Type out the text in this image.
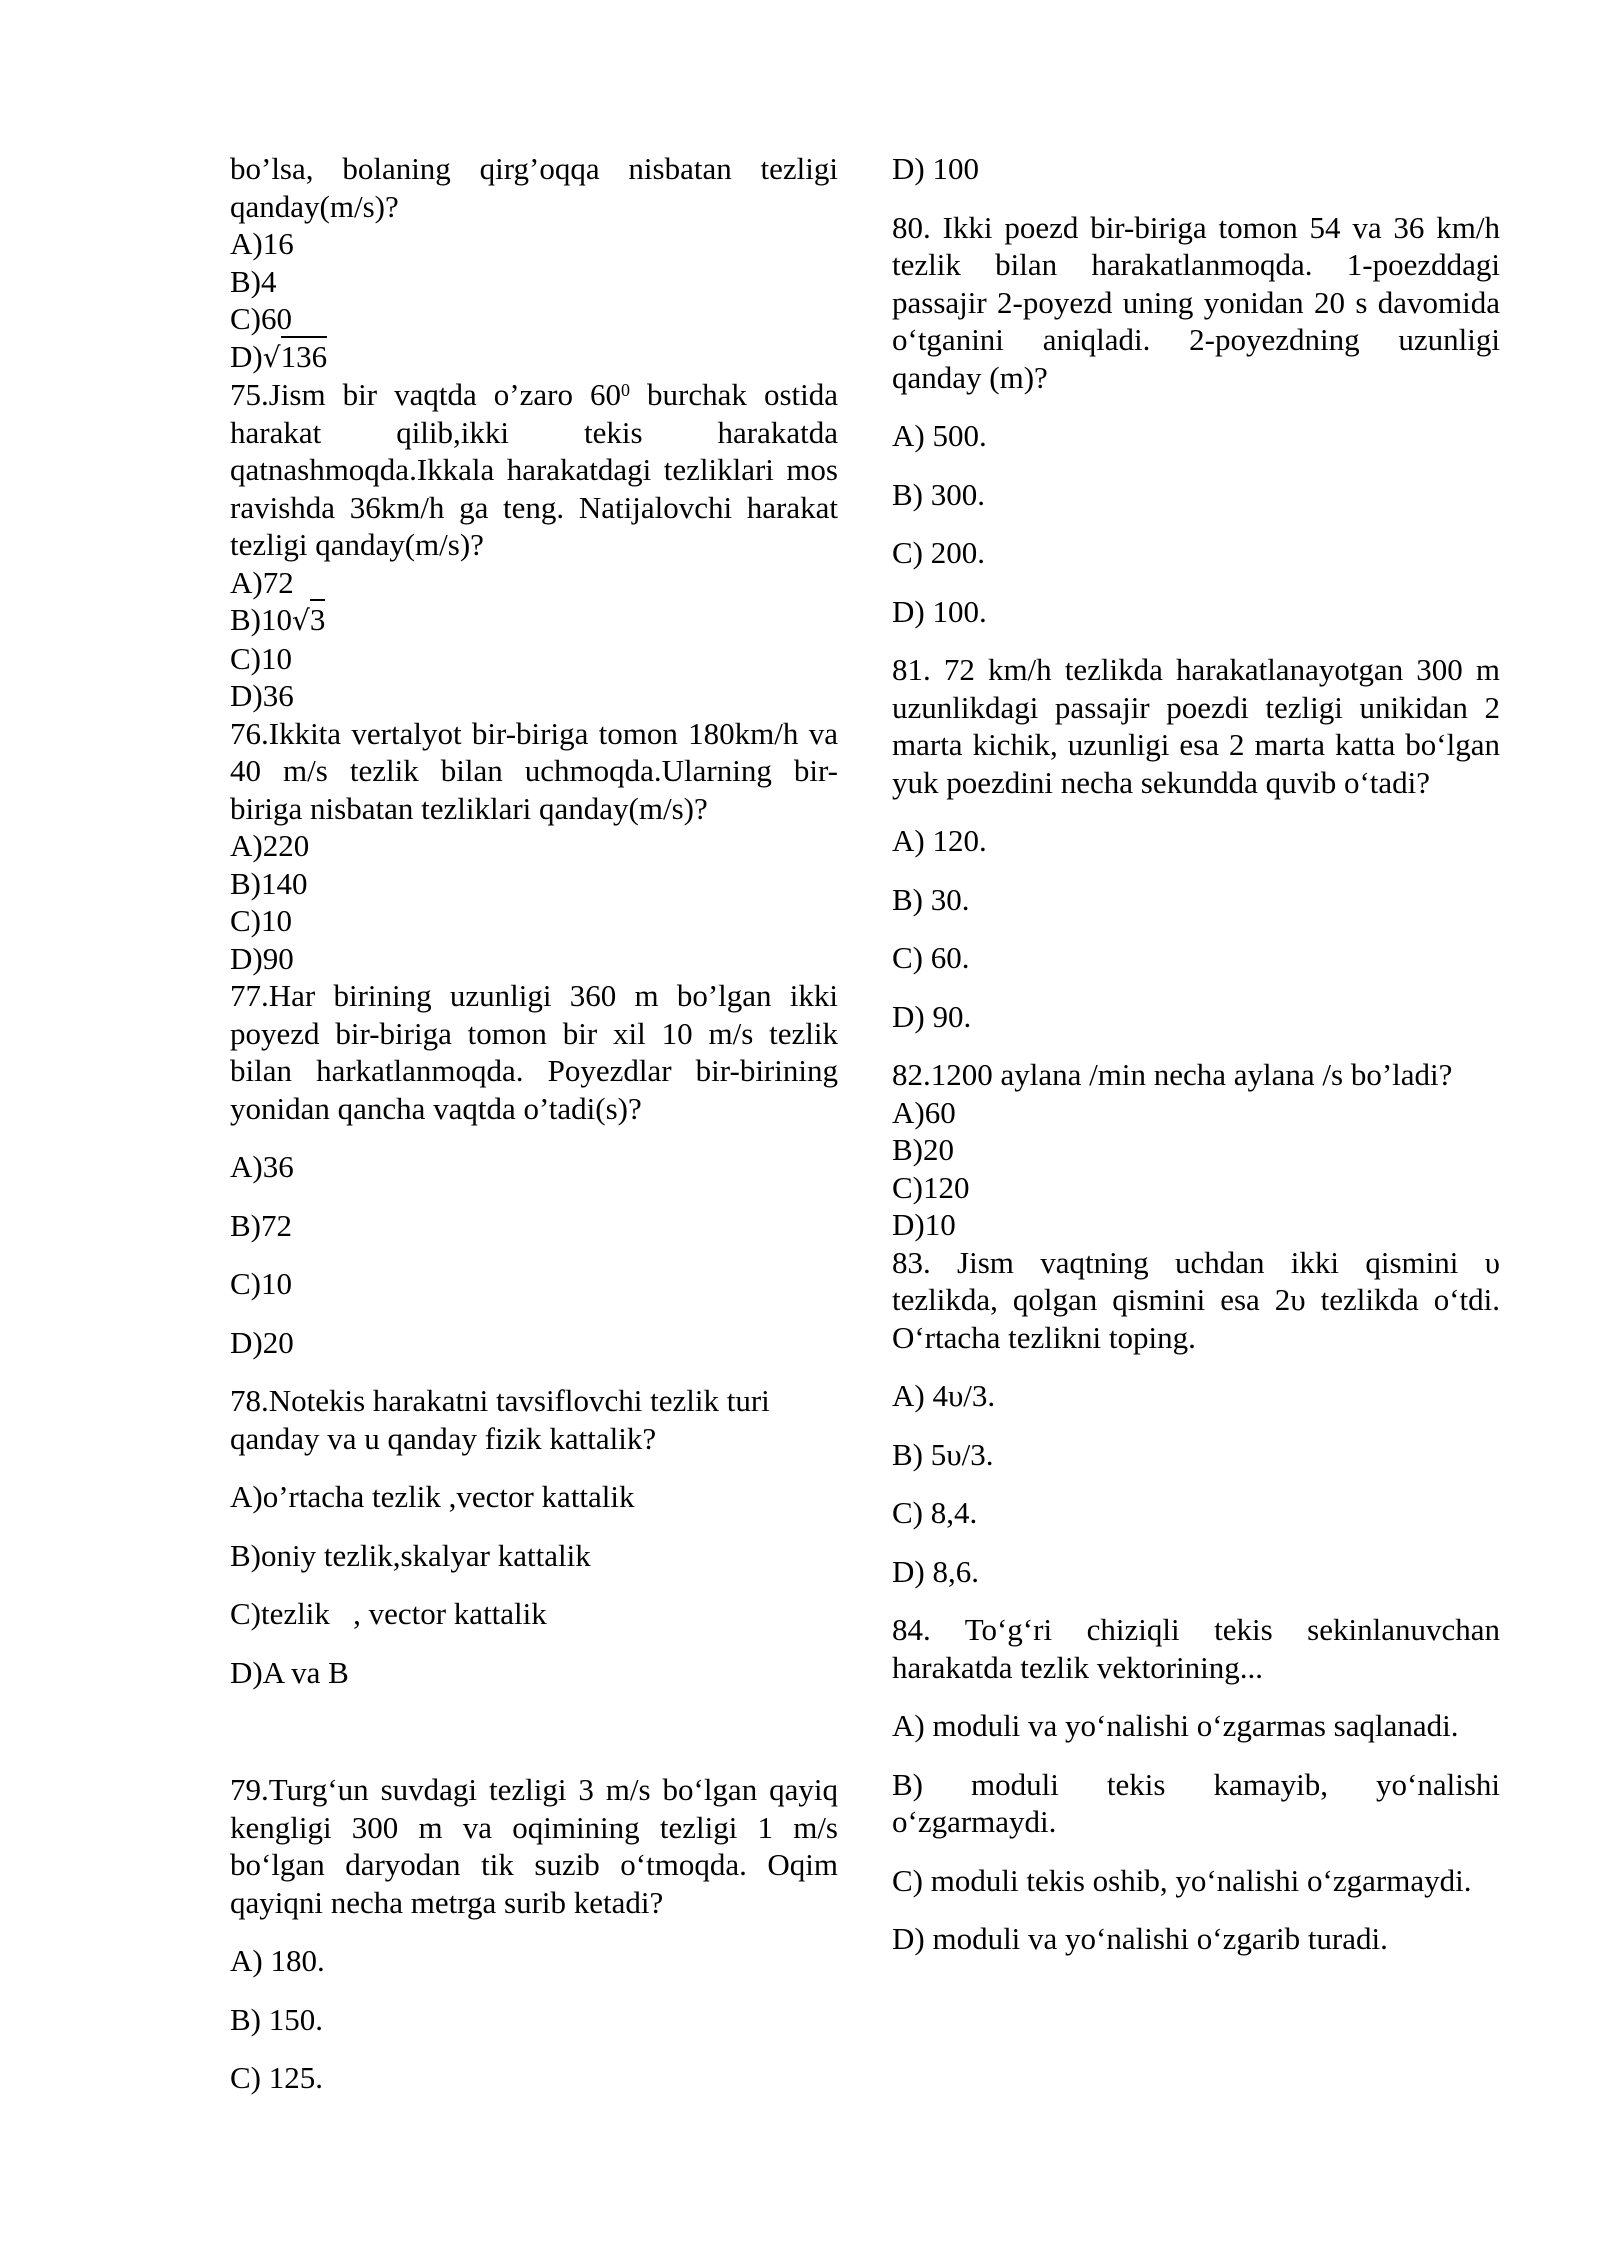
bo’lsa, bolaning qirg’oqqa nisbatan tezligi qanday(m/s)?

A)16

B)4

C)60

D)√136

75.Jism bir vaqtda o’zaro $60^0$ burchak ostida harakat qilib,ikki tekis harakatda qatnashmoqda.Ikkala harakatdagi tezliklari mos ravishda 36km/h ga teng. Natijalovchi harakat tezligi qanday(m/s)?

A)72

B)10√3

C)10

D)36

76.Ikkita vertalyot bir-biriga tomon 180km/h va 40 m/s tezlik bilan uchmoqda.Ularning bir-biriga nisbatan tezliklari qanday(m/s)?

A)220

B)140

C)10

D)90

77.Har birining uzunligi 360 m bo’lgan ikki poyezd bir-biriga tomon bir xil 10 m/s tezlik bilan harkatlanmoqda. Poyezdlar bir-birining yonidan qancha vaqtda o’tadi(s)?

A)36

B)72

C)10

D)20

78.Notekis harakatni tavsiflovchi tezlik turi qanday va u qanday fizik kattalik?

A)o’rtacha tezlik ,vector kattalik

B)oniy tezlik,skalyar kattalik

C)tezlik   , vector kattalik

D)A va B

79.Turg‘un suvdagi tezligi 3 m/s bo‘lgan qayiq kengligi 300 m va oqimining tezligi 1 m/s bo‘lgan daryodan tik suzib o‘tmoqda. Oqim qayiqni necha metrga surib ketadi?

A) 180.

B) 150.

C) 125.

D) 100

80. Ikki poezd bir-biriga tomon 54 va 36 km/h tezlik bilan harakatlanmoqda. 1-poezddagi passajir 2-poyezd uning yonidan 20 s davomida o‘tganini aniqladi. 2-poyezdning uzunligi qanday (m)?

A) 500.

B) 300.

C) 200.

D) 100.

81. 72 km/h tezlikda harakatlanayotgan 300 m uzunlikdagi passajir poezdi tezligi unikidan 2 marta kichik, uzunligi esa 2 marta katta bo‘lgan yuk poezdini necha sekundda quvib o‘tadi?

A) 120.

B) 30.

C) 60.

D) 90.

82.1200 aylana /min necha aylana /s bo’ladi?

A)60

B)20

C)120

D)10

83. Jism vaqtning uchdan ikki qismini υ tezlikda, qolgan qismini esa 2υ tezlikda o‘tdi. O‘rtacha tezlikni toping.

A) 4υ/3.

B) 5υ/3.

C) 8,4.

D) 8,6.

84. To‘g‘ri chiziqli tekis sekinlanuvchan harakatda tezlik vektorining...

A) moduli va yo‘nalishi o‘zgarmas saqlanadi.

B) moduli tekis kamayib, yo‘nalishi o‘zgarmaydi.

C) moduli tekis oshib, yo‘nalishi o‘zgarmaydi.

D) moduli va yo‘nalishi o‘zgarib turadi.
